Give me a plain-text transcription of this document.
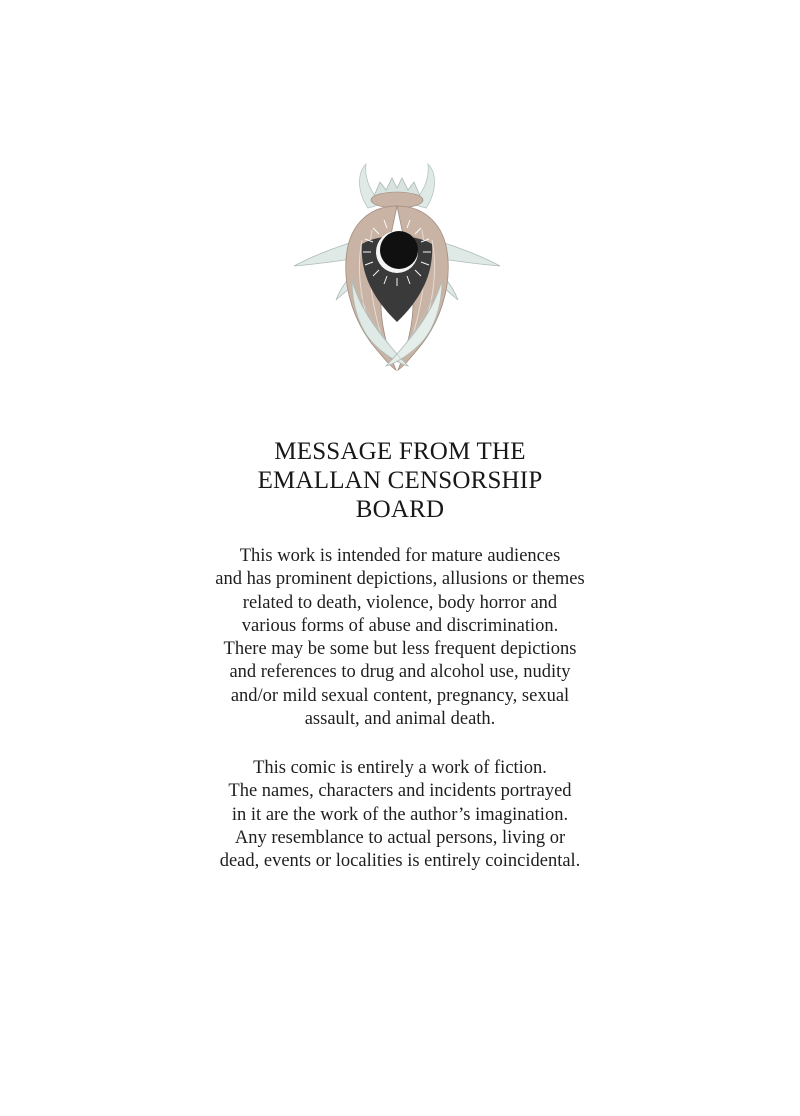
MESSAGE FROM THE
EMALLAN CENSORSHIP
BOARD
This work is intended for mature audiences
and has prominent depictions, allusions or themes
related to death, violence, body horror and
various forms of abuse and discrimination.
There may be some but less frequent depictions
and references to drug and alcohol use, nudity
and/or mild sexual content, pregnancy, sexual
assault, and animal death.
This comic is entirely a work of fiction.
The names, characters and incidents portrayed
in it are the work of the author’s imagination.
Any resemblance to actual persons, living or
dead, events or localities is entirely coincidental.
